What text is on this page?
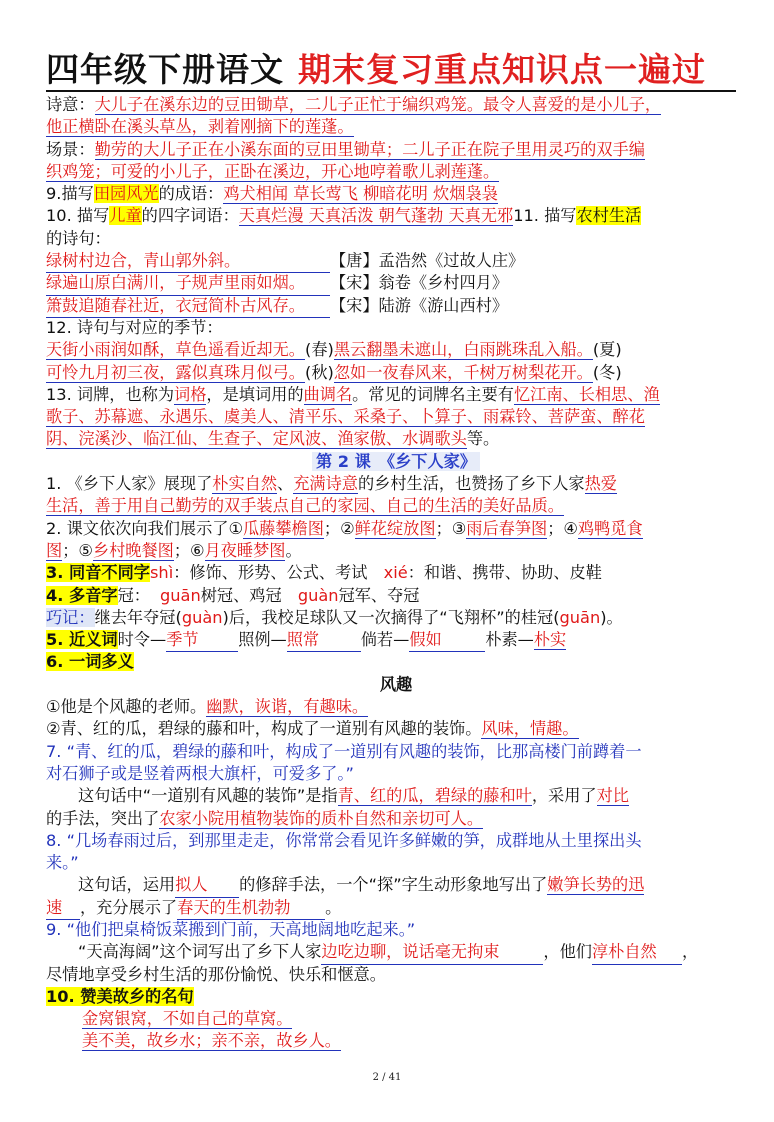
四年级下册语文 期末复习重点知识点一遍过
诗意：大儿子在溪东边的豆田锄草，二儿子正忙于编织鸡笼。最令人喜爱的是小儿子，
他正横卧在溪头草丛，剥着刚摘下的莲蓬。
场景：勤劳的大儿子正在小溪东面的豆田里锄草；二儿子正在院子里用灵巧的双手编
织鸡笼；可爱的小儿子，正卧在溪边，开心地哼着歌儿剥莲蓬。
9.描写田园风光的成语：鸡犬相闻 草长莺飞 柳暗花明 炊烟袅袅
10. 描写儿童的四字词语：天真烂漫 天真活泼 朝气蓬勃 天真无邪11. 描写农村生活
的诗句：
绿树村边合，青山郭外斜。	【唐】孟浩然《过故人庄》
绿遍山原白满川，子规声里雨如烟。 【宋】翁卷《乡村四月》
箫鼓追随春社近，衣冠简朴古风存。 【宋】陆游《游山西村》
12. 诗句与对应的季节：
天街小雨润如酥，草色遥看近却无。(春)黑云翻墨未遮山，白雨跳珠乱入船。(夏)
可怜九月初三夜，露似真珠月似弓。(秋)忽如一夜春风来，千树万树梨花开。(冬)
13. 词牌，也称为词格，是填词用的曲调名。常见的词牌名主要有忆江南、长相思、渔
歌子、苏幕遮、永遇乐、虞美人、清平乐、采桑子、卜算子、雨霖铃、菩萨蛮、醉花
阴、浣溪沙、临江仙、生查子、定风波、渔家傲、水调歌头等。
第 2 课　《乡下人家》
1. 《乡下人家》展现了朴实自然、充满诗意的乡村生活，也赞扬了乡下人家热爱
生活，善于用自己勤劳的双手装点自己的家园、自己的生活的美好品质。
2. 课文依次向我们展示了①瓜藤攀檐图；②鲜花绽放图；③雨后春笋图；④鸡鸭觅食
图；⑤乡村晚餐图；⑥月夜睡梦图。
3. 同音不同字shì：修饰、形势、公式、考试　xié：和谐、携带、协助、皮鞋
4. 多音字冠： guān树冠、鸡冠　guàn冠军、夺冠
巧记：继去年夺冠(guàn)后，我校足球队又一次摘得了“飞翔杯”的桂冠(guān)。
5. 近义词时令—季节 照例—照常	倘若—假如	朴素—朴实
6. 一词多义
风趣
①他是个风趣的老师。幽默，诙谐，有趣味。
②青、红的瓜，碧绿的藤和叶，构成了一道别有风趣的装饰。风味，情趣。
7. “青、红的瓜，碧绿的藤和叶，构成了一道别有风趣的装饰，比那高楼门前蹲着一
对石狮子或是竖着两根大旗杆，可爱多了。”
这句话中“一道别有风趣的装饰”是指青、红的瓜，碧绿的藤和叶，采用了对比
的手法，突出了农家小院用植物装饰的质朴自然和亲切可人。
8. “几场春雨过后，到那里走走，你常常会看见许多鲜嫩的笋，成群地从土里探出头
来。”
这句话，运用拟人 的修辞手法，一个“探”字生动形象地写出了嫩笋长势的迅
速 ，充分展示了春天的生机勃勃 。
9. “他们把桌椅饭菜搬到门前，天高地阔地吃起来。”
“天高海阔”这个词写出了乡下人家边吃边聊，说话毫无拘束	，他们淳朴自然 ，
尽情地享受乡村生活的那份愉悦、快乐和惬意。
10. 赞美故乡的名句
金窝银窝，不如自己的草窝。
美不美，故乡水；亲不亲，故乡人。
2 / 41
